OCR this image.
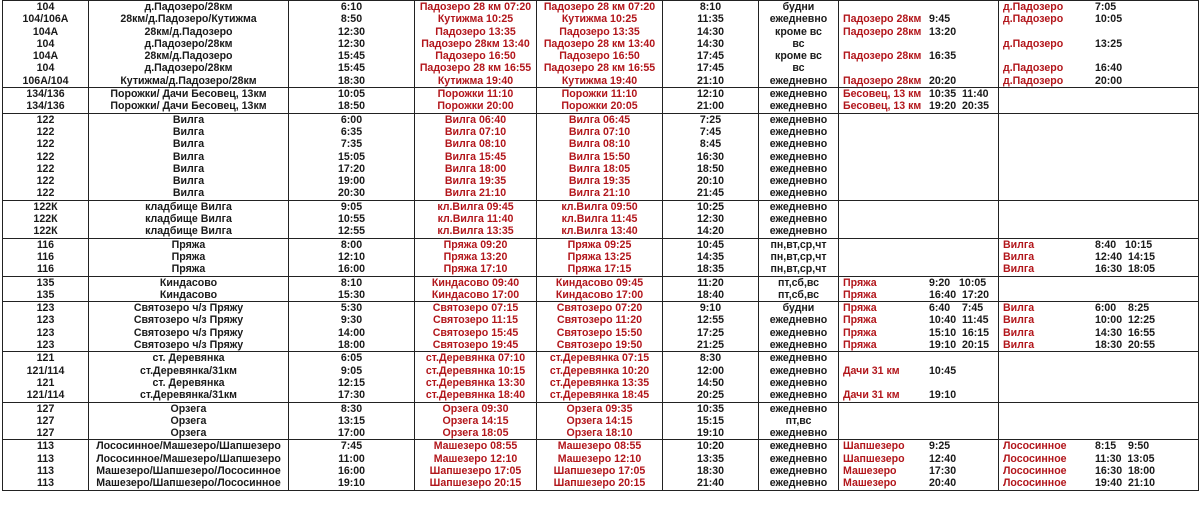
104	д.Падозеро/28км	6:10	Падозеро 28 км 07:20	Падозеро 28 км 07:20	8:10	будни		д.Падозеро 7:05
104/106А	28км/д.Падозеро/Кутижма	8:50	Кутижма 10:25	Кутижма 10:25	11:35	ежедневно	Падозеро 28км 9:45	д.Падозеро 10:05
104А	28км/д.Падозеро	12:30	Падозеро 13:35	Падозеро 13:35	14:30	кроме вс	Падозеро 28км 13:20	
104	д.Падозеро/28км	12:30	Падозеро 28км 13:40	Падозеро 28 км 13:40	14:30	вс		д.Падозеро 13:25
104А	28км/д.Падозеро	15:45	Падозеро 16:50	Падозеро 16:50	17:45	кроме вс	Падозеро 28км 16:35	
104	д.Падозеро/28км	15:45	Падозеро 28 км 16:55	Падозеро 28 км 16:55	17:45	вс		д.Падозеро 16:40
106А/104	Кутижма/д.Падозеро/28км	18:30	Кутижма 19:40	Кутижма 19:40	21:10	ежедневно	Падозеро 28км 20:20	д.Падозеро 20:00
134/136	Порожки/ Дачи Бесовец, 13км	10:05	Порожки 11:10	Порожки 11:10	12:10	ежедневно	Бесовец, 13 км 10:35  11:40	
134/136	Порожки/ Дачи Бесовец, 13км	18:50	Порожки 20:00	Порожки 20:05	21:00	ежедневно	Бесовец, 13 км 19:20  20:35	
122	Вилга	6:00	Вилга 06:40	Вилга 06:45	7:25	ежедневно		
122	Вилга	6:35	Вилга 07:10	Вилга 07:10	7:45	ежедневно		
122	Вилга	7:35	Вилга 08:10	Вилга 08:10	8:45	ежедневно		
122	Вилга	15:05	Вилга 15:45	Вилга 15:50	16:30	ежедневно		
122	Вилга	17:20	Вилга 18:00	Вилга 18:05	18:50	ежедневно		
122	Вилга	19:00	Вилга 19:35	Вилга 19:35	20:10	ежедневно		
122	Вилга	20:30	Вилга 21:10	Вилга 21:10	21:45	ежедневно		
122К	кладбище Вилга	9:05	кл.Вилга 09:45	кл.Вилга 09:50	10:25	ежедневно		
122К	кладбище Вилга	10:55	кл.Вилга 11:40	кл.Вилга 11:45	12:30	ежедневно		
122К	кладбище Вилга	12:55	кл.Вилга 13:35	кл.Вилга 13:40	14:20	ежедневно		
116	Пряжа	8:00	Пряжа 09:20	Пряжа 09:25	10:45	пн,вт,ср,чт		Вилга 8:40   10:15
116	Пряжа	12:10	Пряжа 13:20	Пряжа 13:25	14:35	пн,вт,ср,чт		Вилга 12:40  14:15
116	Пряжа	16:00	Пряжа 17:10	Пряжа 17:15	18:35	пн,вт,ср,чт		Вилга 16:30  18:05
135	Киндасово	8:10	Киндасово 09:40	Киндасово 09:45	11:20	пт,сб,вс	Пряжа 9:20   10:05	
135	Киндасово	15:30	Киндасово 17:00	Киндасово 17:00	18:40	пт,сб,вс	Пряжа 16:40  17:20	
123	Святозеро ч/з Пряжу	5:30	Святозеро 07:15	Святозеро 07:20	9:10	будни	Пряжа 6:40    7:45	Вилга 6:00    8:25
123	Святозеро ч/з Пряжу	9:30	Святозеро 11:15	Святозеро 11:20	12:55	ежедневно	Пряжа 10:40  11:45	Вилга 10:00  12:25
123	Святозеро ч/з Пряжу	14:00	Святозеро 15:45	Святозеро 15:50	17:25	ежедневно	Пряжа 15:10  16:15	Вилга 14:30  16:55
123	Святозеро ч/з Пряжу	18:00	Святозеро 19:45	Святозеро 19:50	21:25	ежедневно	Пряжа 19:10  20:15	Вилга 18:30  20:55
121	ст. Деревянка	6:05	ст.Деревянка 07:10	ст.Деревянка 07:15	8:30	ежедневно		
121/114	ст.Деревянка/31км	9:05	ст.Деревянка 10:15	ст.Деревянка 10:20	12:00	ежедневно	Дачи 31 км 10:45	
121	ст. Деревянка	12:15	ст.Деревянка 13:30	ст.Деревянка 13:35	14:50	ежедневно		
121/114	ст.Деревянка/31км	17:30	ст.Деревянка 18:40	ст.Деревянка 18:45	20:25	ежедневно	Дачи 31 км 19:10	
127	Орзега	8:30	Орзега 09:30	Орзега 09:35	10:35	ежедневно		
127	Орзега	13:15	Орзега 14:15	Орзега 14:15	15:15	пт,вс		
127	Орзега	17:00	Орзега 18:05	Орзега 18:10	19:10	ежедневно		
113	Лососинное/Машезеро/Шапшезеро	7:45	Машезеро 08:55	Машезеро 08:55	10:20	ежедневно	Шапшезеро 9:25	Лососинное 8:15    9:50
113	Лососинное/Машезеро/Шапшезеро	11:00	Машезеро 12:10	Машезеро 12:10	13:35	ежедневно	Шапшезеро 12:40	Лососинное 11:30  13:05
113	Машезеро/Шапшезеро/Лососинное	16:00	Шапшезеро 17:05	Шапшезеро 17:05	18:30	ежедневно	Машезеро 17:30	Лососинное 16:30  18:00
113	Машезеро/Шапшезеро/Лососинное	19:10	Шапшезеро 20:15	Шапшезеро 20:15	21:40	ежедневно	Машезеро 20:40	Лососинное 19:40  21:10
